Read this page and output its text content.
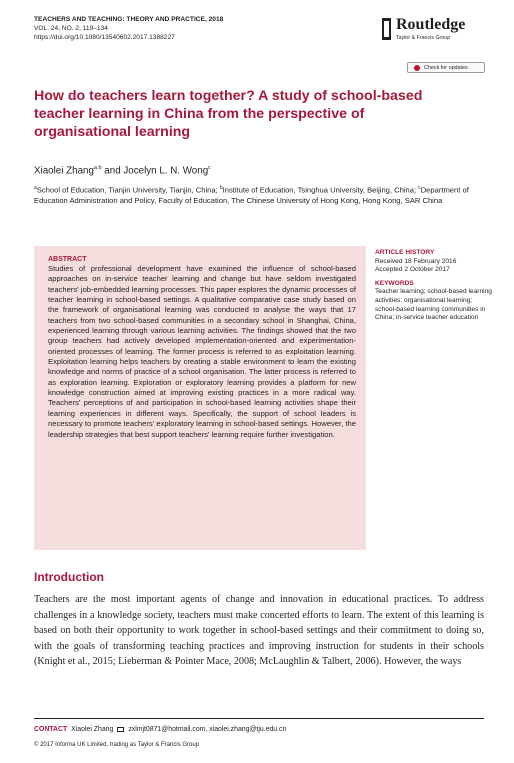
TEACHERS AND TEACHING: THEORY AND PRACTICE, 2018
VOL. 24, NO. 2, 119–134
https://doi.org/10.1080/13540602.2017.1388227
Routledge
Taylor & Francis Group
Check for updates
How do teachers learn together? A study of school-based teacher learning in China from the perspective of organisational learning
Xiaolei Zhang$^{a,b}$ and Jocelyn L. N. Wong$^c$
$^a$School of Education, Tianjin University, Tianjin, China; $^b$Institute of Education, Tsinghua University, Beijing, China; $^c$Department of Education Administration and Policy, Faculty of Education, The Chinese University of Hong Kong, Hong Kong, SAR China
ABSTRACT
Studies of professional development have examined the influence of school-based approaches on in-service teacher learning and change but have seldom investigated teachers' job-embedded learning processes. This paper explores the dynamic processes of teacher learning in school-based settings. A qualitative comparative case study based on the framework of organisational learning was conducted to analyse the ways that 17 teachers from two school-based communities in a secondary school in Shanghai, China, experienced learning through various learning activities. The findings showed that the two group teachers had actively developed implementation-oriented and experimentation-oriented processes of learning. The former process is referred to as exploitation learning. Exploitation learning helps teachers by creating a stable environment to learn the existing knowledge and norms of practice of a school organisation. The latter process is referred to as exploration learning. Exploration or exploratory learning provides a platform for new knowledge construction aimed at improving existing practices in a more radical way. Teachers' perceptions of and participation in school-based learning activities shape their learning experiences in different ways. Specifically, the support of school leaders is necessary to promote teachers' exploratory learning in school-based settings. However, the leadership strategies that best support teachers' learning require further investigation.
ARTICLE HISTORY
Received 18 February 2016
Accepted 2 October 2017
KEYWORDS
Teacher learning; school-based learning activities; organisational learning; school-based learning communities in China; in-service teacher education
Introduction
Teachers are the most important agents of change and innovation in educational practices. To address challenges in a knowledge society, teachers must make concerted efforts to learn. The extent of this learning is based on both their opportunity to work together in school-based settings and their commitment to doing so, with the goals of transforming teaching practices and improving instruction for students in their schools (Knight et al., 2015; Lieberman & Pointer Mace, 2008; McLaughlin & Talbert, 2006). However, the ways
CONTACT Xiaolei Zhang zxlmjt0871@hotmail.com, xiaolei.zhang@tju.edu.cn
© 2017 Informa UK Limited, trading as Taylor & Francis Group
